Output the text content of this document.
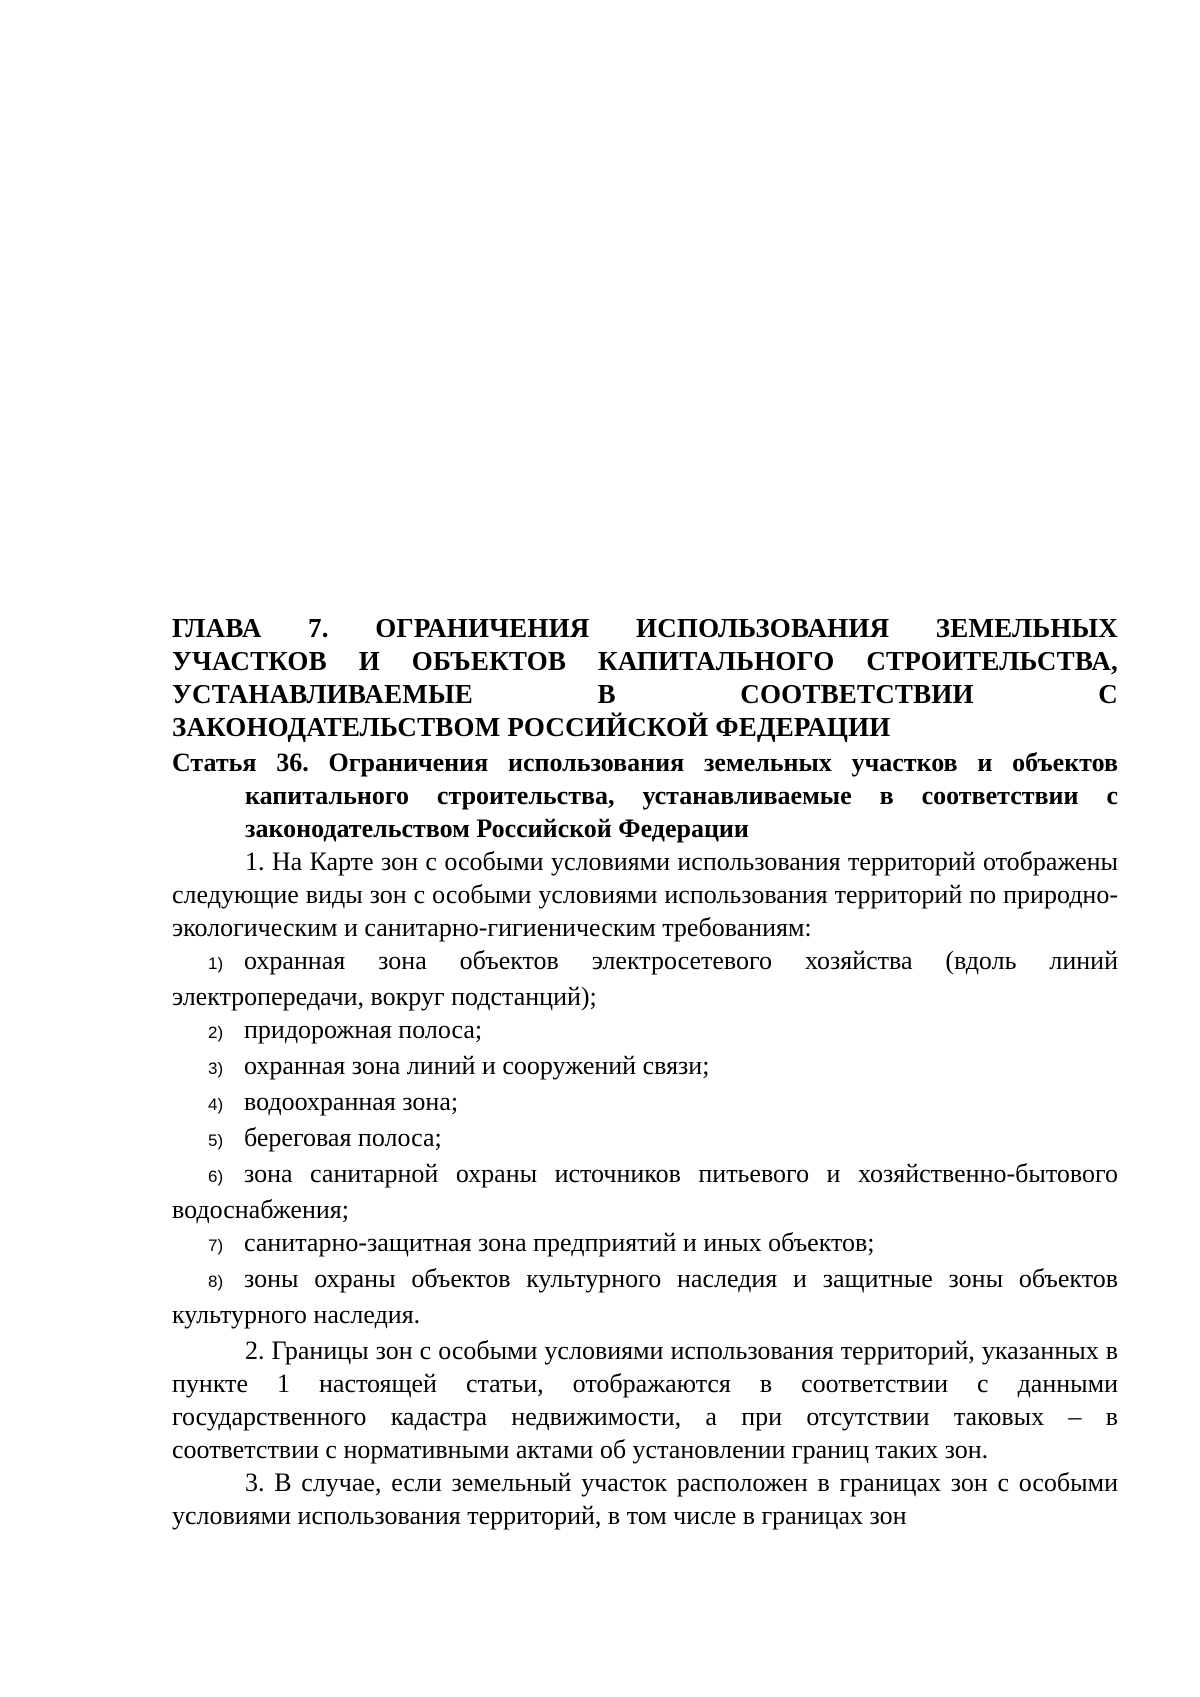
ГЛАВА 7. ОГРАНИЧЕНИЯ ИСПОЛЬЗОВАНИЯ ЗЕМЕЛЬНЫХ
УЧАСТКОВ И ОБЪЕКТОВ КАПИТАЛЬНОГО СТРОИТЕЛЬСТВА,
УСТАНАВЛИВАЕМЫЕ В СООТВЕТСТВИИ С
ЗАКОНОДАТЕЛЬСТВОМ РОССИЙСКОЙ ФЕДЕРАЦИИ
Статья 36. Ограничения использования земельных участков и объектов капитального строительства, устанавливаемые в соответствии с законодательством Российской Федерации

1. На Карте зон с особыми условиями использования территорий отображены следующие виды зон с особыми условиями использования территорий по природно-экологическим и санитарно-гигиеническим требованиям:

1) охранная зона объектов электросетевого хозяйства (вдоль линий электропередачи, вокруг подстанций);
2) придорожная полоса;
3) охранная зона линий и сооружений связи;
4) водоохранная зона;
5) береговая полоса;
6) зона санитарной охраны источников питьевого и хозяйственно-бытового водоснабжения;
7) санитарно-защитная зона предприятий и иных объектов;
8) зоны охраны объектов культурного наследия и защитные зоны объектов культурного наследия.

2. Границы зон с особыми условиями использования территорий, указанных в пункте 1 настоящей статьи, отображаются в соответствии с данными государственного кадастра недвижимости, а при отсутствии таковых – в соответствии с нормативными актами об установлении границ таких зон.

3. В случае, если земельный участок расположен в границах зон с особыми условиями использования территорий, в том числе в границах зон
